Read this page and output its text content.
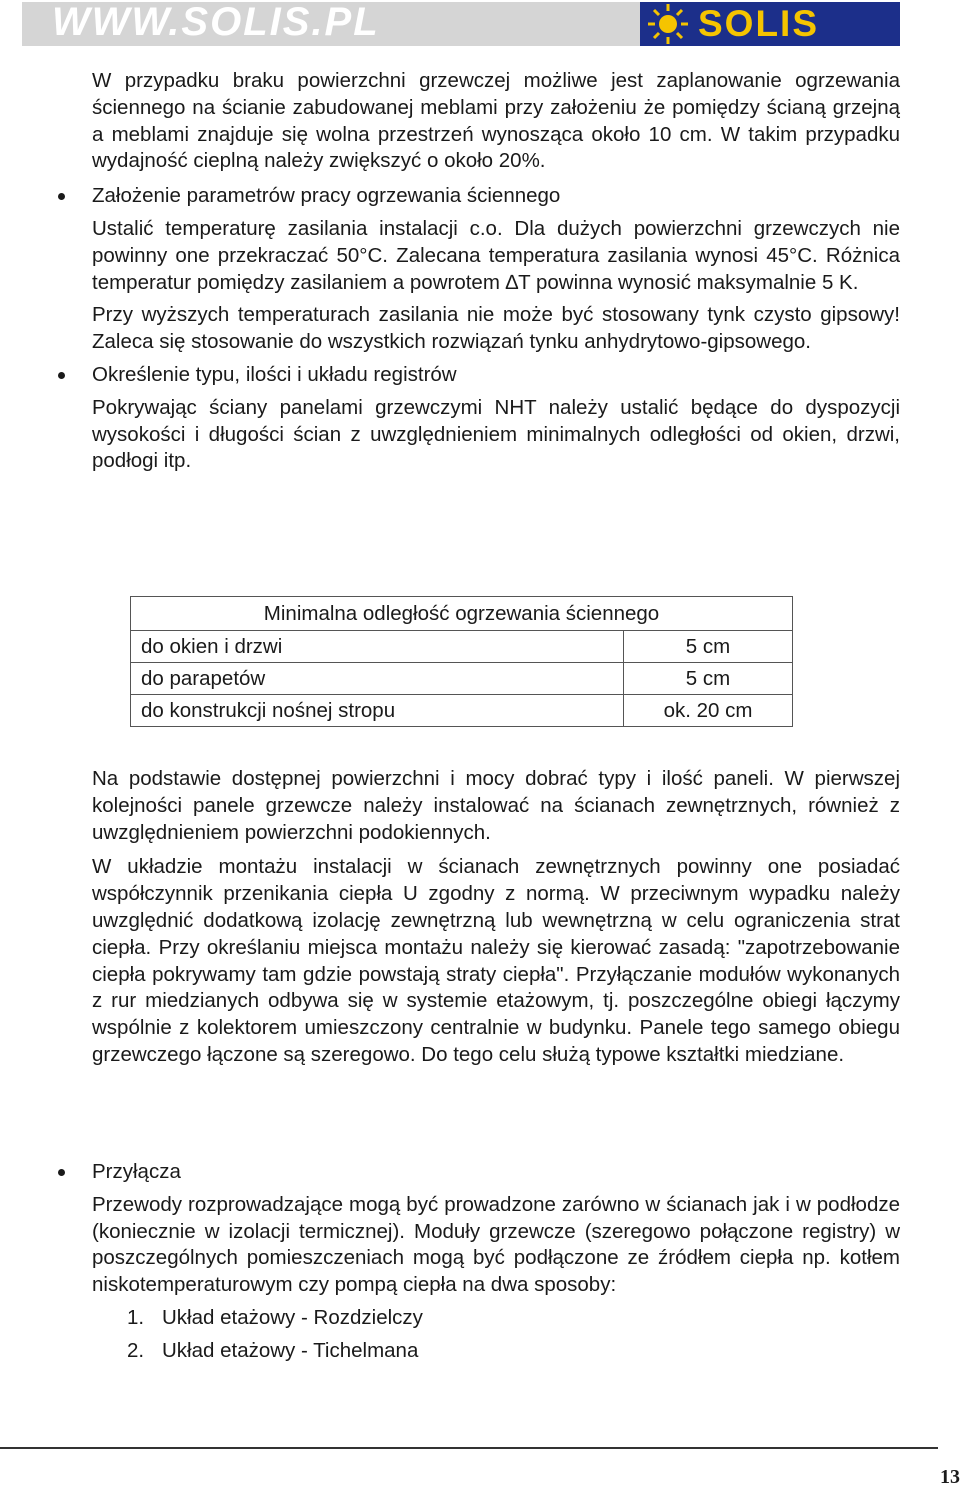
WWW.SOLIS.PL	SOLIS

W przypadku braku powierzchni grzewczej możliwe jest zaplanowanie ogrzewania ściennego na ścianie zabudowanej meblami przy założeniu że pomiędzy ścianą grzejną a meblami znajduje się wolna przestrzeń wynosząca około 10 cm. W takim przypadku wydajność cieplną należy zwiększyć o około 20%.

Założenie parametrów pracy ogrzewania ściennego

Ustalić temperaturę zasilania instalacji c.o. Dla dużych powierzchni grzewczych nie powinny one przekraczać 50°C. Zalecana temperatura zasilania wynosi 45°C. Różnica temperatur pomiędzy zasilaniem a powrotem ∆T powinna wynosić maksymalnie 5 K.

Przy wyższych temperaturach zasilania nie może być stosowany tynk czysto gipsowy! Zaleca się stosowanie do wszystkich rozwiązań tynku anhydrytowo-gipsowego.

Określenie typu, ilości i układu registrów

Pokrywając ściany panelami grzewczymi NHT należy ustalić będące do dyspozycji wysokości i długości ścian z uwzględnieniem minimalnych odległości od okien, drzwi, podłogi itp.

Minimalna odległość ogrzewania ściennego	
do okien i drzwi	5 cm
do parapetów	5 cm
do konstrukcji nośnej stropu	ok. 20 cm

Na podstawie dostępnej powierzchni i mocy dobrać typy i ilość paneli. W pierwszej kolejności panele grzewcze należy instalować na ścianach zewnętrznych, również z uwzględnieniem powierzchni podokiennych.

W układzie montażu instalacji w ścianach zewnętrznych powinny one posiadać współczynnik przenikania ciepła U zgodny z normą. W przeciwnym wypadku należy uwzględnić dodatkową izolację zewnętrzną lub wewnętrzną w celu ograniczenia strat ciepła. Przy określaniu miejsca montażu należy się kierować zasadą: "zapotrzebowanie ciepła pokrywamy tam gdzie powstają straty ciepła". Przyłączanie modułów wykonanych z rur miedzianych odbywa się w systemie etażowym, tj. poszczególne obiegi łączymy wspólnie z kolektorem umieszczony centralnie w budynku. Panele tego samego obiegu grzewczego łączone są szeregowo. Do tego celu służą typowe kształtki miedziane.

Przyłącza

Przewody rozprowadzające mogą być prowadzone zarówno w ścianach jak i w podłodze (koniecznie w izolacji termicznej). Moduły grzewcze (szeregowo połączone registry) w poszczególnych pomieszczeniach mogą być podłączone ze źródłem ciepła np. kotłem niskotemperaturowym czy pompą ciepła na dwa sposoby:

1. Układ etażowy - Rozdzielczy
2. Układ etażowy - Tichelmana
13
